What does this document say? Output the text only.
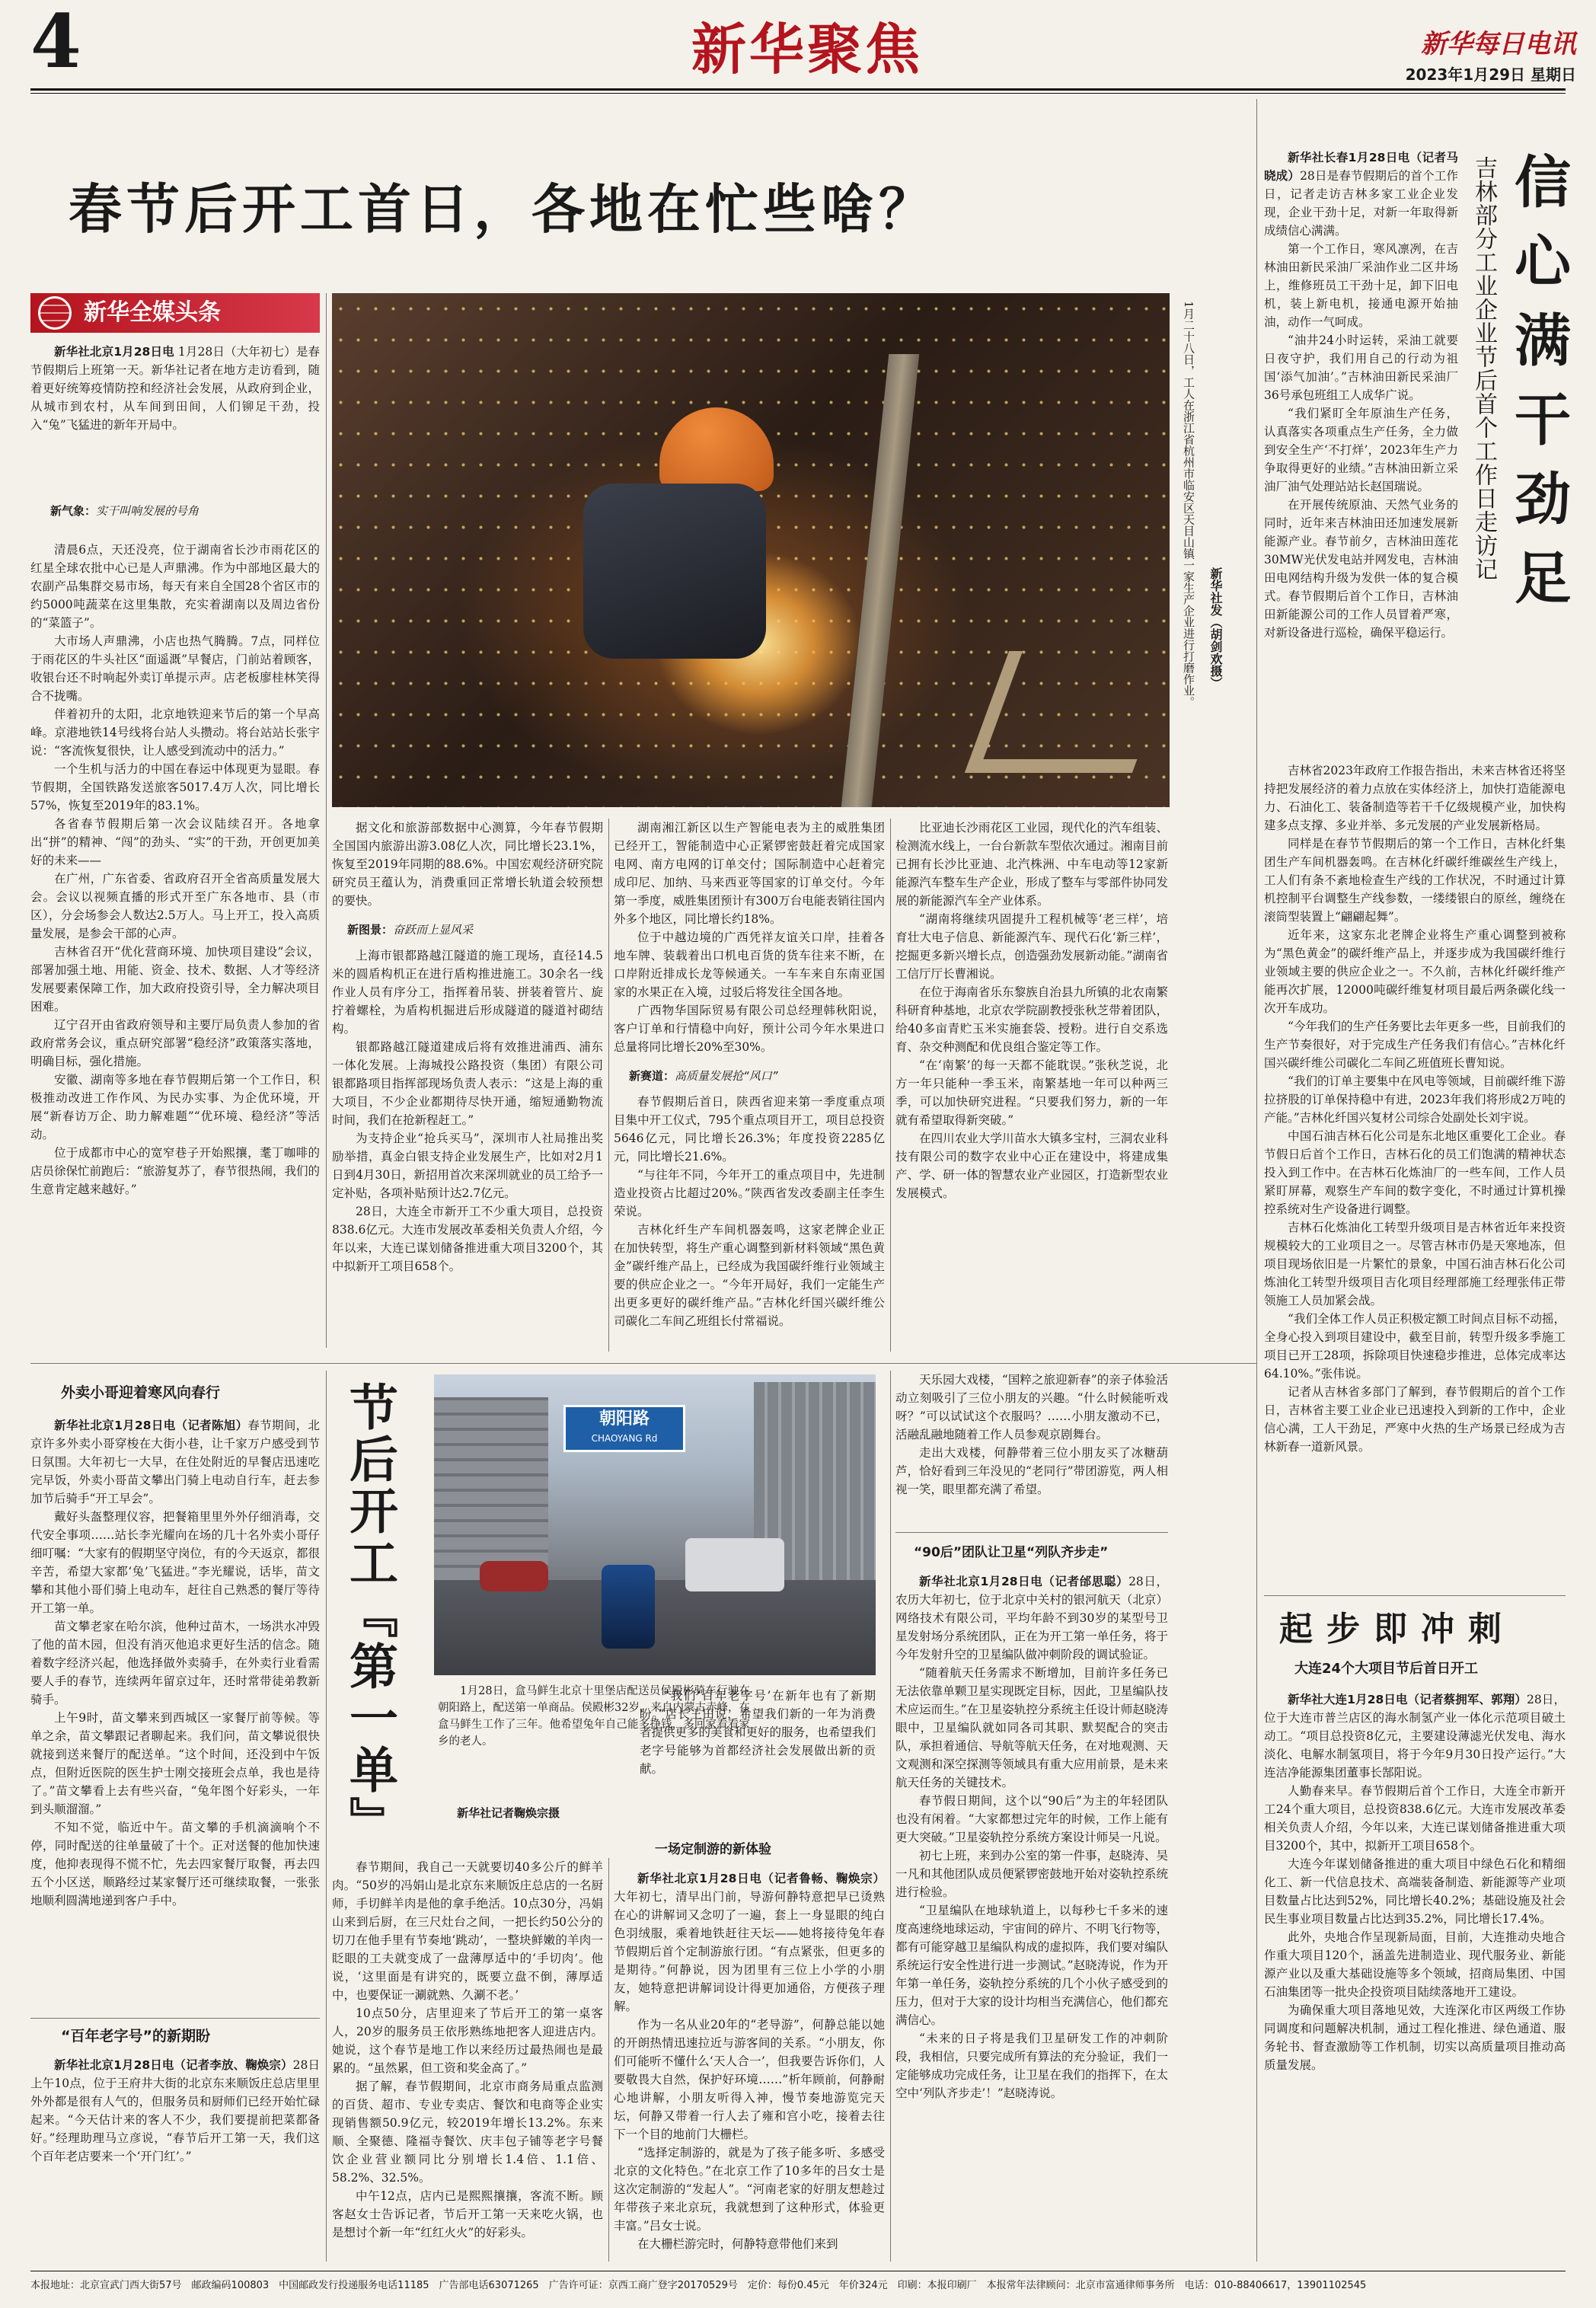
4	新华聚焦	新华每日电讯
2023年1月29日 星期日
春节后开工首日，各地在忙些啥？
新华全媒头条

新华社北京1月28日电 1月28日（大年初七）是春节假期后上班第一天。新华社记者在地方走访看到，随着更好统筹疫情防控和经济社会发展，从政府到企业，从城市到农村，从车间到田间，人们铆足干劲，投入“兔”飞猛进的新年开局中。

新气象：实干叫响发展的号角

清晨6点，天还没亮，位于湖南省长沙市雨花区的红星全球农批中心已是人声鼎沸。作为中部地区最大的农副产品集群交易市场，每天有来自全国28个省区市的约5000吨蔬菜在这里集散，充实着湖南以及周边省份的“菜篮子”。

大市场人声鼎沸，小店也热气腾腾。7点，同样位于雨花区的牛头社区“面遥溉”早餐店，门前站着顾客，收银台还不时响起外卖订单提示声。店老板廖桂林笑得合不拢嘴。

伴着初升的太阳，北京地铁迎来节后的第一个早高峰。京港地铁14号线将台站人头攒动。将台站站长张宇说：“客流恢复很快，让人感受到流动中的活力。”

一个生机与活力的中国在春运中体现更为显眼。春节假期，全国铁路发送旅客5017.4万人次，同比增长57%，恢复至2019年的83.1%。

各省春节假期后第一次会议陆续召开。各地拿出“拼”的精神、“闯”的劲头、“实”的干劲，开创更加美好的未来——

在广州，广东省委、省政府召开全省高质量发展大会。会议以视频直播的形式开至广东各地市、县（市区），分会场参会人数达2.5万人。马上开工，投入高质量发展，是参会干部的心声。

吉林省召开“优化营商环境、加快项目建设”会议，部署加强土地、用能、资金、技术、数据、人才等经济发展要素保障工作，加大政府投资引导，全力解决项目困难。

辽宁召开由省政府领导和主要厅局负责人参加的省政府常务会议，重点研究部署“稳经济”政策落实落地，明确目标，强化措施。

安徽、湖南等多地在春节假期后第一个工作日，积极推动改进工作作风、为民办实事、为企优环境，开展“新春访万企、助力解难题”“优环境、稳经济”等活动。

位于成都市中心的宽窄巷子开始熙攘，耄丁咖啡的店员徐保忙前跑后：“旅游复苏了，春节很热闹，我们的生意肯定越来越好。”

1月二十八日，工人在浙江省杭州市临安区天目山镇一家生产企业进行打磨作业。 新华社发（胡剑欢摄）

据文化和旅游部数据中心测算，今年春节假期全国国内旅游出游3.08亿人次，同比增长23.1%，恢复至2019年同期的88.6%。中国宏观经济研究院研究员王蕴认为，消费重回正常增长轨道会较预想的要快。

新图景：奋跃而上显风采

上海市银都路越江隧道的施工现场，直径14.5米的圆盾构机正在进行盾构推进施工。30余名一线作业人员有序分工，指挥着吊装、拼装着管片、旋拧着螺栓，为盾构机掘进后形成隧道的隧道衬砌结构。

银都路越江隧道建成后将有效推进浦西、浦东一体化发展。上海城投公路投资（集团）有限公司银都路项目指挥部现场负责人表示：“这是上海的重大项目，不少企业都期待尽快开通，缩短通勤物流时间，我们在抢新程赶工。”

为支持企业“抢兵买马”，深圳市人社局推出奖励举措，真金白银支持企业发展生产，比如对2月1日到4月30日，新招用首次来深圳就业的员工给予一定补贴，各项补贴预计达2.7亿元。

28日，大连全市新开工不少重大项目，总投资838.6亿元。大连市发展改革委相关负责人介绍，今年以来，大连已谋划储备推进重大项目3200个，其中拟新开工项目658个。

湖南湘江新区以生产智能电表为主的威胜集团已经开工，智能制造中心正紧锣密鼓赶着完成国家电网、南方电网的订单交付；国际制造中心赶着完成印尼、加纳、马来西亚等国家的订单交付。今年第一季度，威胜集团预计有300万台电能表销往国内外多个地区，同比增长约18%。

位于中越边境的广西凭祥友谊关口岸，挂着各地车牌、装载着出口机电百货的货车往来不断，在口岸附近排成长龙等候通关。一车车来自东南亚国家的水果正在入境，过驳后将发往全国各地。

广西物华国际贸易有限公司总经理韩秋阳说，客户订单和行情稳中向好，预计公司今年水果进口总量将同比增长20%至30%。

新赛道：高质量发展抢“风口”

春节假期后首日，陕西省迎来第一季度重点项目集中开工仪式，795个重点项目开工，项目总投资5646亿元，同比增长26.3%；年度投资2285亿元，同比增长21.6%。

“与往年不同，今年开工的重点项目中，先进制造业投资占比超过20%。”陕西省发改委副主任李生荣说。

吉林化纤生产车间机器轰鸣，这家老牌企业正在加快转型，将生产重心调整到新材料领域“黑色黄金”碳纤维产品上，已经成为我国碳纤维行业领域主要的供应企业之一。“今年开局好，我们一定能生产出更多更好的碳纤维产品。”吉林化纤国兴碳纤维公司碳化二车间乙班组长付常福说。

比亚迪长沙雨花区工业园，现代化的汽车组装、检测流水线上，一台台新款车型依次通过。湘南目前已拥有长沙比亚迪、北汽株洲、中车电动等12家新能源汽车整车生产企业，形成了整车与零部件协同发展的新能源汽车全产业体系。

“湖南将继续巩固提升工程机械等‘老三样’，培育壮大电子信息、新能源汽车、现代石化‘新三样’，挖掘更多新兴增长点，创造强劲发展新动能。”湖南省工信厅厅长曹湘说。

在位于海南省乐东黎族自治县九所镇的北农南繁科研育种基地，北京农学院副教授张秋芝带着团队，给40多亩青贮玉米实施套袋、授粉。进行自交系选育、杂交种测配和优良组合鉴定等工作。

“在‘南繁’的每一天都不能耽误。”张秋芝说，北方一年只能种一季玉米，南繁基地一年可以种两三季，可以加快研究进程。“只要我们努力，新的一年就有希望取得新突破。”

在四川农业大学川苗水大镇多宝村，三洞农业科技有限公司的数字农业中心正在建设中，将建成集产、学、研一体的智慧农业产业园区，打造新型农业发展模式。

外卖小哥迎着寒风向春行

新华社北京1月28日电（记者陈旭）春节期间，北京许多外卖小哥穿梭在大街小巷，让千家万户感受到节日氛围。大年初七一大早，在住处附近的早餐店迅速吃完早饭，外卖小哥苗文攀出门骑上电动自行车，赶去参加节后骑手“开工早会”。

戴好头盔整理仪容，把餐箱里里外外仔细消毒，交代安全事项……站长李光耀向在场的几十名外卖小哥仔细叮嘱：“大家有的假期坚守岗位，有的今天返京，都很辛苦，希望大家都‘兔’飞猛进。”李光耀说，话毕，苗文攀和其他小哥们骑上电动车，赶往自己熟悉的餐厅等待开工第一单。

苗文攀老家在哈尔滨，他种过苗木，一场洪水冲毁了他的苗木园，但没有消灭他追求更好生活的信念。随着数字经济兴起，他选择做外卖骑手，在外卖行业看需要人手的春节，连续两年留京过年，还时常带徒弟教新骑手。

上午9时，苗文攀来到西城区一家餐厅前等候。等单之余，苗文攀跟记者聊起来。我们问，苗文攀说很快就接到送来餐厅的配送单。“这个时间，还没到中午饭点，但附近医院的医生护士刚交接班会点单，我也是待了。”苗文攀看上去有些兴奋，“兔年图个好彩头，一年到头顺溜溜。”

不知不觉，临近中午。苗文攀的手机滴滴响个不停，同时配送的往单量破了十个。正对送餐的他加快速度，他抑表现得不慌不忙，先去四家餐厅取餐，再去四五个小区送，顺路经过某家餐厅还可继续取餐，一张张地顺利圆满地递到客户手中。

“百年老字号”的新期盼

新华社北京1月28日电（记者李放、鞠焕宗）28日上午10点，位于王府井大街的北京东来顺饭庄总店里里外外都是很有人气的，但服务员和厨师们已经开始忙碌起来。“今天估计来的客人不少，我们要提前把菜都备好。”经理助理马立彦说，“春节后开工第一天，我们这个百年老店要来一个‘开门红’。”

节后开工『第一单』	朝阳路
CHAOYANG Rd
1月28日，盒马鲜生北京十里堡店配送员侯殿彬骑车行驶在朝阳路上，配送第一单商品。侯殿彬32岁，来自内蒙古赤峰，在盒马鲜生工作了三年。他希望兔年自己能多挣钱，多回家看看家乡的老人。
新华社记者鞠焕宗摄

“我们‘百年老字号’在新年也有了新期盼。”店长王田说，希望我们新的一年为消费者提供更多的美食和更好的服务，也希望我们老字号能够为首都经济社会发展做出新的贡献。

春节期间，我自己一天就要切40多公斤的鲜羊肉。“50岁的冯娟山是北京东来顺饭庄总店的一名厨师，手切鲜羊肉是他的拿手绝活。10点30分，冯娟山来到后厨，在三尺灶台之间，一把长约50公分的切刀在他手里有节奏地‘跳动’，一整块鲜嫩的羊肉一眨眼的工夫就变成了一盘薄厚适中的‘手切肉’。他说，‘这里面是有讲究的，既要立盘不倒，薄厚适中，也要保证一涮就熟、久涮不老。’

10点50分，店里迎来了节后开工的第一桌客人，20岁的服务员王依彤熟练地把客人迎进店内。她说，这个春节是地工作以来经历过最热闹也是最累的。“虽然累，但工资和奖金高了。”

据了解，春节假期间，北京市商务局重点监测的百货、超市、专业专卖店、餐饮和电商等企业实现销售额50.9亿元，较2019年增长13.2%。东来顺、全聚德、隆福寺餐饮、庆丰包子铺等老字号餐饮企业营业额同比分别增长1.4倍、1.1倍、58.2%、32.5%。

中午12点，店内已是熙熙攘攘，客流不断。顾客赵女士告诉记者，节后开工第一天来吃火锅，也是想讨个新一年“红红火火”的好彩头。

一场定制游的新体验

新华社北京1月28日电（记者鲁畅、鞠焕宗）大年初七，清早出门前，导游何静特意把早已烫熟在心的讲解词又念叨了一遍，套上一身显眼的纯白色羽绒服，乘着地铁赶往天坛——她将接待兔年春节假期后首个定制游旅行团。“有点紧张，但更多的是期待。”何静说，因为团里有三位上小学的小朋友，她特意把讲解词设计得更加通俗，方便孩子理解。

作为一名从业20年的“老导游”，何静总能以她的开朗热情迅速拉近与游客间的关系。“小朋友，你们可能听不懂什么‘天人合一’，但我要告诉你们，人要敬畏大自然，保护好环境……”析年顾前，何静耐心地讲解，小朋友听得入神，慢节奏地游览完天坛，何静又带着一行人去了雍和宫小吃，接着去往下一个目的地前门大栅栏。

“选择定制游的，就是为了孩子能多听、多感受北京的文化特色。”在北京工作了10多年的吕女士是这次定制游的“发起人”。“河南老家的好朋友想趁过年带孩子来北京玩，我就想到了这种形式，体验更丰富。”吕女士说。

在大栅栏游完时，何静特意带他们来到

天乐园大戏楼，“国粹之旅迎新春”的亲子体验活动立刻吸引了三位小朋友的兴趣。“什么时候能听戏呀？”可以试试这个衣服吗？……小朋友激动不已，活融乱融地随着工作人员参观京剧舞台。

走出大戏楼，何静带着三位小朋友买了冰糖葫芦，恰好看到三年没见的“老同行”带团游览，两人相视一笑，眼里都充满了希望。

“90后”团队让卫星“列队齐步走”

新华社北京1月28日电（记者邰思聪）28日，农历大年初七，位于北京中关村的银河航天（北京）网络技术有限公司，平均年龄不到30岁的某型号卫星发射场分系统团队，正在为开工第一单任务，将于今年发射升空的卫星编队做冲刺阶段的调试验证。

“随着航天任务需求不断增加，目前许多任务已无法依靠单颗卫星实现既定目标，因此，卫星编队技术应运而生。”在卫星姿轨控分系统主任设计师赵晓涛眼中，卫星编队就如同各司其职、默契配合的突击队，承担着通信、导航等航天任务，在对地观测、天文观测和深空探测等领域具有重大应用前景，是未来航天任务的关键技术。

春节假日期间，这个以“90后”为主的年轻团队也没有闲着。“大家都想过完年的时候，工作上能有更大突破。”卫星姿轨控分系统方案设计师吴一凡说。

初七上班，来到办公室的第一件事，赵晓涛、吴一凡和其他团队成员便紧锣密鼓地开始对姿轨控系统进行检验。

“卫星编队在地球轨道上，以每秒七千多米的速度高速绕地球运动，宇宙间的碎片、不明飞行物等，都有可能穿越卫星编队构成的虚拟阵，我们要对编队系统运行安全性进行进一步测试。”赵晓涛说，作为开年第一单任务，姿轨控分系统的几个小伙子感受到的压力，但对于大家的设计均相当充满信心，他们都充满信心。

“未来的日子将是我们卫星研发工作的冲刺阶段，我相信，只要完成所有算法的充分验证，我们一定能够成功完成任务，让卫星在我们的指挥下，在太空中‘列队齐步走’！”赵晓涛说。

新华社长春1月28日电（记者马晓成）28日是春节假期后的首个工作日，记者走访吉林多家工业企业发现，企业干劲十足，对新一年取得新成绩信心满满。

第一个工作日，寒风凛冽，在吉林油田新民采油厂采油作业二区井场上，维修班员工干劲十足，卸下旧电机，装上新电机，接通电源开始抽油，动作一气呵成。

“油井24小时运转，采油工就要日夜守护，我们用自己的行动为祖国‘添气加油’。”吉林油田新民采油厂36号承包班组工人成华广说。

“我们紧盯全年原油生产任务，认真落实各项重点生产任务，全力做到安全生产‘不打烊’，2023年生产力争取得更好的业绩。”吉林油田新立采油厂油气处理站站长赵国瑞说。

在开展传统原油、天然气业务的同时，近年来吉林油田还加速发展新能源产业。春节前夕，吉林油田莲花30MW光伏发电站并网发电，吉林油田电网结构升级为发供一体的复合模式。春节假期后首个工作日，吉林油田新能源公司的工作人员冒着严寒，对新设备进行巡检，确保平稳运行。

吉林部分工业企业节后首个工作日走访记 信心满干劲足

吉林省2023年政府工作报告指出，未来吉林省还将坚持把发展经济的着力点放在实体经济上，加快打造能源电力、石油化工、装备制造等若干千亿级规模产业，加快构建多点支撑、多业并举、多元发展的产业发展新格局。

同样是在春节节假期后的第一个工作日，吉林化纤集团生产车间机器轰鸣。在吉林化纤碳纤维碳丝生产线上，工人们有条不紊地检查生产线的工作状况，不时通过计算机控制平台调整生产线参数，一缕缕银白的原丝，缠绕在滚筒型装置上“翩翩起舞”。

近年来，这家东北老牌企业将生产重心调整到被称为“黑色黄金”的碳纤维产品上，并逐步成为我国碳纤维行业领域主要的供应企业之一。不久前，吉林化纤碳纤维产能再次扩展，12000吨碳纤维复材项目最后两条碳化线一次开车成功。

“今年我们的生产任务要比去年更多一些，目前我们的生产节奏很好，对于完成生产任务我们有信心。”吉林化纤国兴碳纤维公司碳化二车间乙班值班长曹知说。

“我们的订单主要集中在风电等领域，目前碳纤维下游拉挤股的订单保持稳中有进，2023年我们将形成2万吨的产能。”吉林化纤国兴复材公司综合处副处长刘宇说。

中国石油吉林石化公司是东北地区重要化工企业。春节假日后首个工作日，吉林石化的员工们饱满的精神状态投入到工作中。在吉林石化炼油厂的一些车间，工作人员紧盯屏幕，观察生产车间的数字变化，不时通过计算机操控系统对生产设备进行调整。

吉林石化炼油化工转型升级项目是吉林省近年来投资规模较大的工业项目之一。尽管吉林市仍是天寒地冻，但项目现场依旧是一片繁忙的景象，中国石油吉林石化公司炼油化工转型升级项目吉化项目经理部施工经理张伟正带领施工人员加紧会战。

“我们全体工作人员正积极定额工时间点目标不动摇，全身心投入到项目建设中，截至目前，转型升级多季施工项目已开工28项，拆除项目快速稳步推进，总体完成率达64.10%。”张伟说。

记者从吉林省多部门了解到，春节假期后的首个工作日，吉林省主要工业企业已迅速投入到新的工作中，企业信心满，工人干劲足，严寒中火热的生产场景已经成为吉林新春一道新风景。

起步即冲刺
大连24个大项目节后首日开工

新华社大连1月28日电（记者蔡拥军、郭翔）28日，位于大连市普兰店区的海水制氢产业一体化示范项目破土动工。“项目总投资8亿元，主要建设薄滤光伏发电、海水淡化、电解水制氢项目，将于今年9月30日投产运行。”大连洁净能源集团董事长郜阳说。

人勤春来早。春节假期后首个工作日，大连全市新开工24个重大项目，总投资838.6亿元。大连市发展改革委相关负责人介绍，今年以来，大连已谋划储备推进重大项目3200个，其中，拟新开工项目658个。

大连今年谋划储备推进的重大项目中绿色石化和精细化工、新一代信息技术、高端装备制造、新能源等产业项目数量占比达到52%，同比增长40.2%；基础设施及社会民生事业项目数量占比达到35.2%，同比增长17.4%。

此外，央地合作呈现新局面，目前，大连推动央地合作重大项目120个，涵盖先进制造业、现代服务业、新能源产业以及重大基础设施等多个领域，招商局集团、中国石油集团等一批央企投资项目陆续落地开工建设。

为确保重大项目落地见效，大连深化市区两级工作协同调度和问题解决机制，通过工程化推进、绿色通道、服务轮书、督查激励等工作机制，切实以高质量项目推动高质量发展。

本报地址：北京宣武门西大街57号　邮政编码100803　中国邮政发行投递服务电话11185　广告部电话63071265　广告许可证：京西工商广登字20170529号　定价：每份0.45元　年价324元　印刷：本报印刷厂　本报常年法律顾问：北京市富通律师事务所　电话：010-88406617，13901102545
